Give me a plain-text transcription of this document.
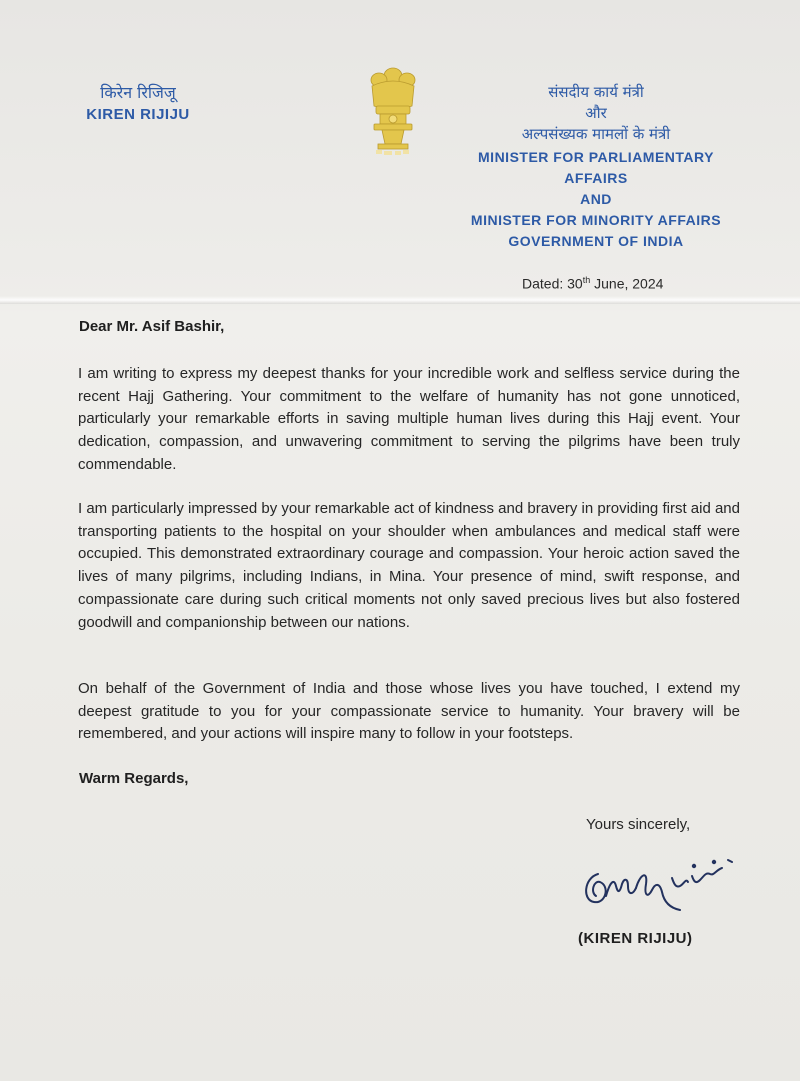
किरेन रिजिजू
KIREN RIJIJU
संसदीय कार्य मंत्री
और
अल्पसंख्यक मामलों के मंत्री
MINISTER FOR PARLIAMENTARY
AFFAIRS
AND
MINISTER FOR MINORITY AFFAIRS
GOVERNMENT OF INDIA
Dated: 30th June, 2024
Dear Mr. Asif Bashir,
I am writing to express my deepest thanks for your incredible work and selfless service during the recent Hajj Gathering. Your commitment to the welfare of humanity has not gone unnoticed, particularly your remarkable efforts in saving multiple human lives during this Hajj event. Your dedication, compassion, and unwavering commitment to serving the pilgrims have been truly commendable.
I am particularly impressed by your remarkable act of kindness and bravery in providing first aid and transporting patients to the hospital on your shoulder when ambulances and medical staff were occupied. This demonstrated extraordinary courage and compassion. Your heroic action saved the lives of many pilgrims, including Indians, in Mina. Your presence of mind, swift response, and compassionate care during such critical moments not only saved precious lives but also fostered goodwill and companionship between our nations.
On behalf of the Government of India and those whose lives you have touched, I extend my deepest gratitude to you for your compassionate service to humanity. Your bravery will be remembered, and your actions will inspire many to follow in your footsteps.
Warm Regards,
Yours sincerely,
(KIREN RIJIJU)
